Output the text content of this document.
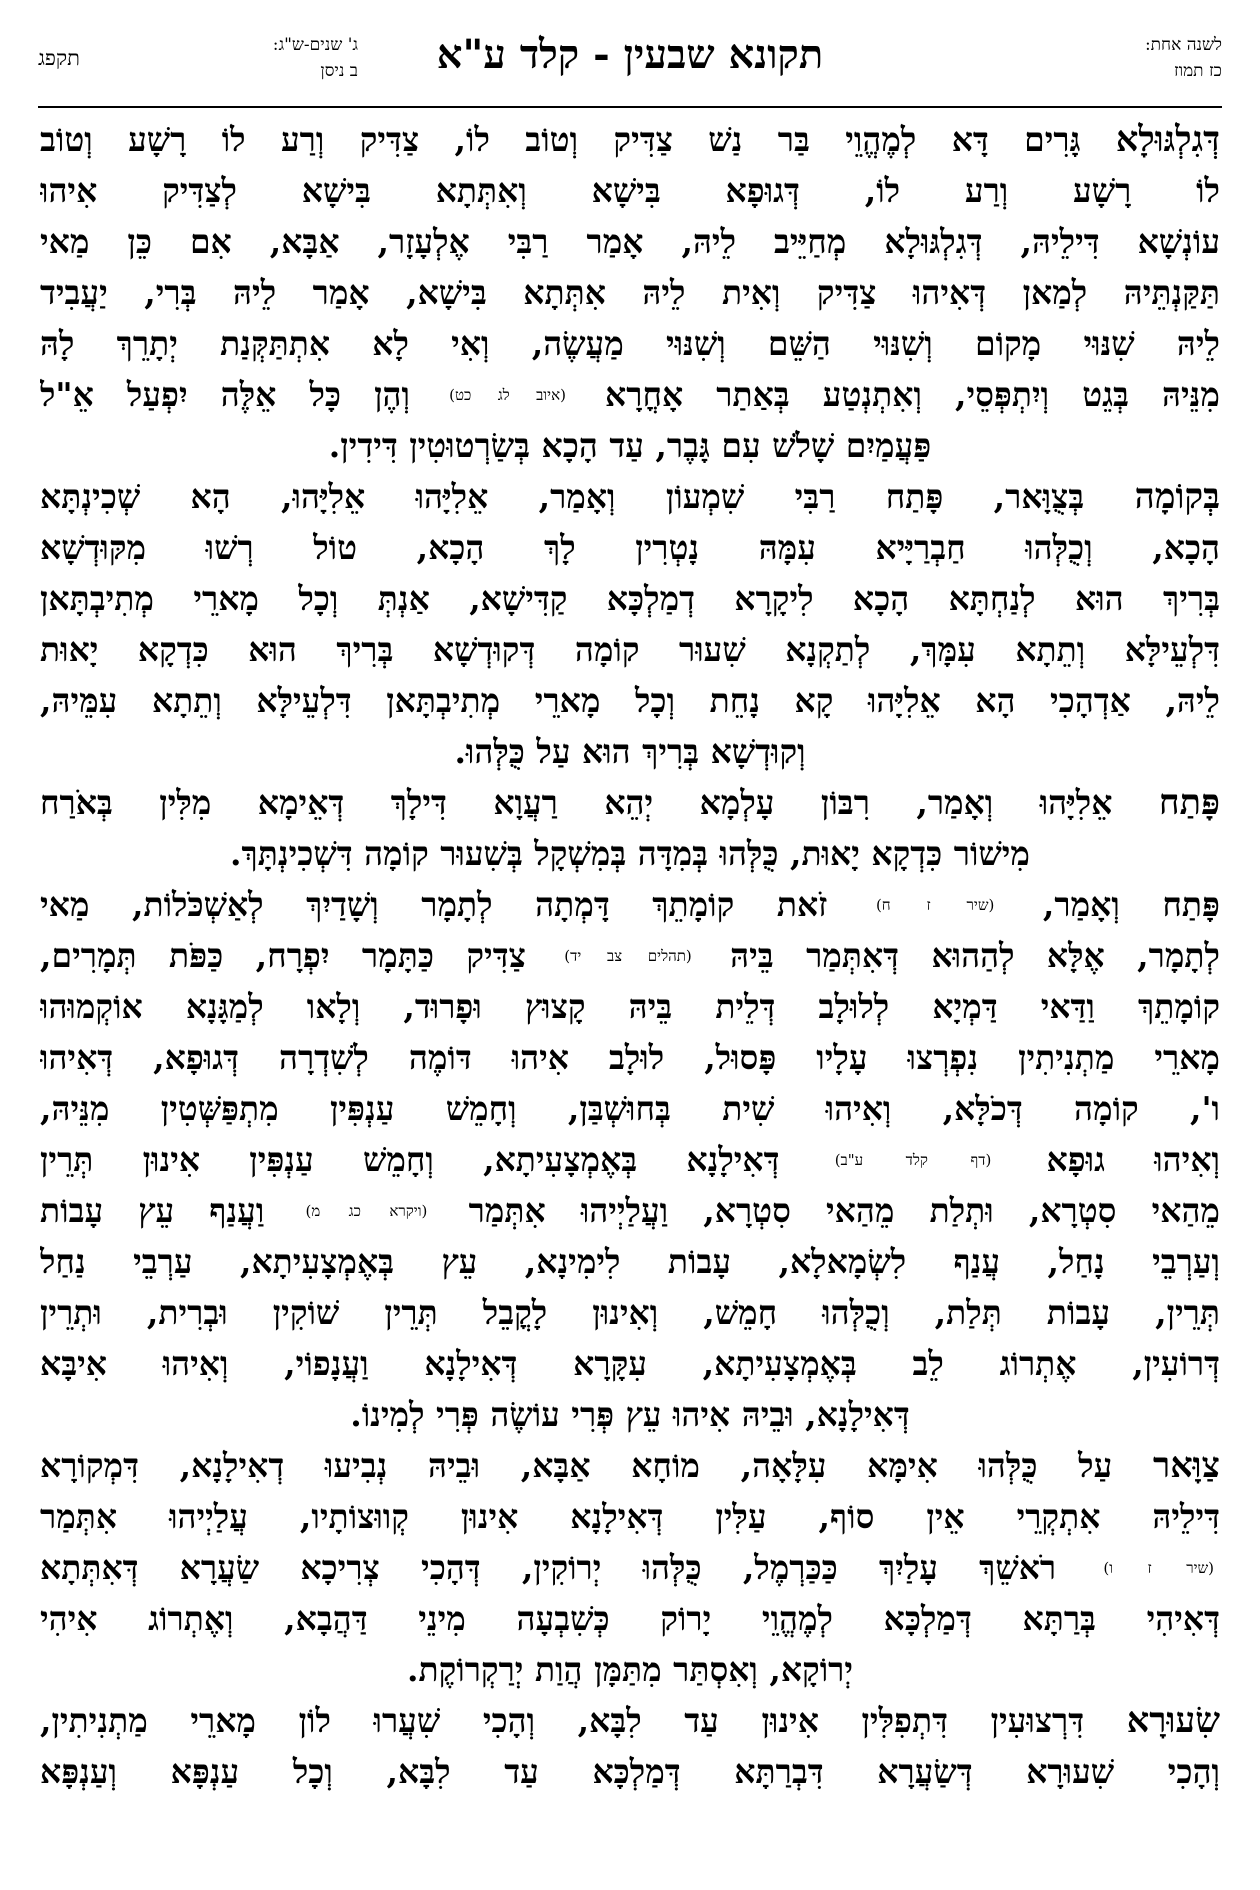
לשנה אחת:
כז תמוז
תקונא שבעין - קלד ע"א
ג' שנים-ש"ג:
ב ניסן
תקפג
דְּגִלְגּוּלָא גָּרִים דָּא לְמֶהֱוֵי בַּר נַשׁ צַדִּיק וְטוֹב לוֹ, צַדִּיק וְרַע לוֹ רָשָׁע וְטוֹב
לוֹ רָשָׁע וְרַע לוֹ, דְּגוּפָא בִּישָׁא וְאִתְּתָא בִּישָׁא לְצַדִּיק אִיהוּ
עוֹנְשָׁא דִּילֵיהּ, דְּגִלְגּוּלָא מְחַיֵּיב לֵיהּ, אָמַר רַבִּי אֶלְעָזָר, אַבָּא, אִם כֵּן מַאי
תַּקַּנְתֵּיהּ לְמַאן דְּאִיהוּ צַדִּיק וְאִית לֵיהּ אִתְּתָא בִּישָׁא, אָמַר לֵיהּ בְּרִי, יַעֲבִיד
לֵיהּ שִׁנּוּי מָקוֹם וְשִׁנּוּי הַשֵּׁם וְשִׁנּוּי מַעֲשֶׂה, וְאִי לָא אִתְתַּקְּנַת יְתָרֵךְ לָהּ
מִנֵּיהּ בְּגֵט וְיִתְפְּסֵי, וְאִתְנְטַע בְּאַתַר אָחֳרָא (איוב לג כט) וְהֶן כָּל אֵלֶּה יִפְעַל אֵ"ל
פַּעֲמַיִם שָׁלֹשׁ עִם גָּבֶר, עַד הָכָא בְּשַׂרְטוּטִין דִּידִין.
בְּקוֹמָה בְּצֻוָּאר, פָּתַח רַבִּי שִׁמְעוֹן וְאָמַר, אֵלִיָּהוּ אֵלִיָּהוּ, הָא שְׁכִינְתָּא
הָכָא, וְכֻלְּהוּ חַבְרַיָּיא עִמָּהּ נָטְרִין לָךְ הָכָא, טוֹל רְשׁוּ מִקּוּדְשָׁא
בְּרִיךְ הוּא לְנַחְתָּא הָכָא לִיקָרָא דְמַלְכָּא קַדִּישָׁא, אַנְתְּ וְכָל מָארֵי מְתִיבְתָּאן
דִּלְעֵילָּא וְתֵתָא עִמָּךְ, לְתַקְנָא שִׁעוּר קוֹמָה דְּקוּדְשָׁא בְּרִיךְ הוּא כִּדְקָא יָאוּת
לֵיהּ, אַדְהָכִי הָא אֵלִיָּהוּ קָא נָחֵת וְכָל מָארֵי מְתִיבְתָּאן דִּלְעֵילָּא וְתֵתָא עִמֵּיהּ,
וְקוּדְשָׁא בְּרִיךְ הוּא עַל כֻּלְּהוּ.
פָּתַח אֵלִיָּהוּ וְאָמַר, רִבּוֹן עָלְמָא יְהֵא רַעֲוָא דִּילָךְ דְּאֵימָא מִלִּין בְּאֹרַח
מִישׁוֹר כִּדְקָא יָאוּת, כֻּלְּהוּ בְּמִדָּה בְּמִשְׁקָל בְּשִׁעוּר קוֹמָה דִּשְׁכִינְתָּךְ.
פָּתַח וְאָמַר, (שיר ז ח) זֹאת קוֹמָתֵךְ דָּמְתָה לְתָמָר וְשָׁדַיִךְ לְאַשְׁכֹּלוֹת, מַאי
לְתָמָר, אֶלָּא לְהַהוּא דְּאִתְּמַר בֵּיהּ (תהלים צב יד) צַדִּיק כַּתָּמָר יִפְרָח, כַּפֹּת תְּמָרִים,
קוֹמָתֵךְ וַדַּאי דַּמְיָא לְלוּלָב דְּלֵית בֵּיהּ קָצוּץ וּפָרוּד, וְלָאו לְמַגָּנָא אוֹקְמוּהוּ
מָארֵי מַתְנִיתִין נִפְרְצוּ עָלָיו פָּסוּל, לוּלָב אִיהוּ דּוֹמֶה לְשִׁדְרָה דְּגוּפָא, דְּאִיהוּ
ו', קוֹמָה דְּכֹלָּא, וְאִיהוּ שִׁית בְּחוּשְׁבַּן, וְחָמֵשׁ עַנְפִּין מִתְפַּשְּׁטִין מִנֵּיהּ,
וְאִיהוּ גוּפָא (דף קלד ע"ב) דְּאִילָנָא בְּאֶמְצָעִיתָא, וְחָמֵשׁ עַנְפִּין אִינוּן תְּרֵין
מֵהַאי סִטְרָא, וּתְלַת מֵהַאי סִטְרָא, וַעֲלַיְיהוּ אִתְּמַר (ויקרא כג מ) וַעֲנַף עֵץ עָבוֹת
וְעַרְבֵי נָחַל, עֲנַף לִשְׂמָאלָא, עָבוֹת לִימִינָא, עֵץ בְּאֶמְצָעִיתָא, עַרְבֵי נַחַל
תְּרֵין, עָבוֹת תְּלַת, וְכֻלְּהוּ חָמֵשׁ, וְאִינוּן לָקֳבֵל תְּרֵין שׁוֹקִין וּבְרִית, וּתְרֵין
דְּרוֹעִין, אֶתְרוֹג לֵב בְּאֶמְצָעִיתָא, עִקָּרָא דְּאִילָנָא וַעֲנָפוֹי, וְאִיהוּ אִיבָּא
דְּאִילָנָא, וּבֵיהּ אִיהוּ עֵץ פְּרִי עוֹשֶׂה פְּרִי לְמִינוֹ.
צַוָּאר עַל כֻּלְּהוּ אִימָּא עִלָּאָה, מוֹחָא אַבָּא, וּבֵיהּ נְבִיעוּ דְאִילָנָא, דִּמְקוֹרָא
דִּילֵיהּ אִתְקְרֵי אֵין סוֹף, עַלִּין דְּאִילָנָא אִינוּן קְווּצוֹתָיו, עֲלַיְיהוּ אִתְּמַר
(שיר ז ו) רֹאשֵׁךְ עָלַיִךְ כַּכַּרְמֶל, כֻּלְּהוּ יְרוֹקִין, דְּהָכִי צְרִיכָא שַׂעֲרָא דְּאִתְּתָא
דְּאִיהִי בְּרַתָּא דְּמַלְכָּא לְמֶהֱוֵי יָרוֹק כְּשִׁבְעָה מִינֵי דַּהֲבָא, וְאֶתְרוֹג אִיהִי
יְרוֹקָא, וְאִסְתַּר מִתַּמָּן הֲוַת יְרַקְרוֹקֶת.
שִׂעוּרָא דִּרְצוּעִין דִּתְפִלִּין אִינוּן עַד לִבָּא, וְהָכִי שִׁעֲרוּ לוֹן מָארֵי מַתְנִיתִין,
וְהָכִי שִׁעוּרָא דְּשַׂעֲרָא דִּבְרַתָּא דְּמַלְכָּא עַד לִבָּא, וְכָל עַנְפָּא וְעַנְפָּא
